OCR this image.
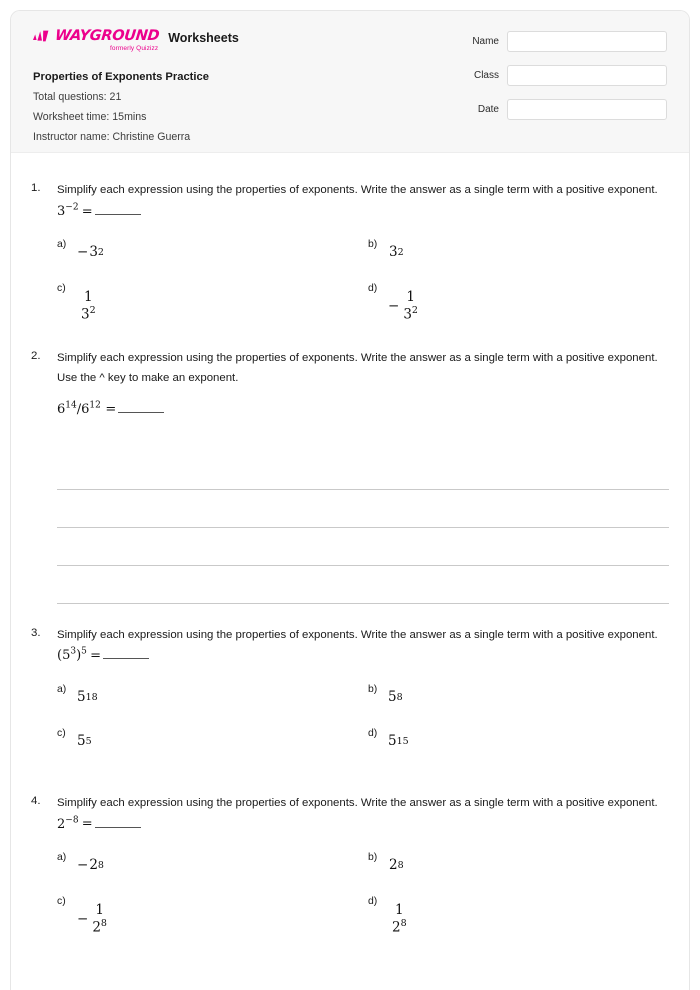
WAYGROUND
formerly Quizizz
Worksheets
Properties of Exponents Practice
Total questions: 21
Worksheet time: 15mins
Instructor name: Christine Guerra
Name
Class
Date
1.	Simplify each expression using the properties of exponents. Write the answer as a single term with a positive exponent. $3^{-2}$ =
a) − 3 2
b) 3 2
c)
1
$3^2$
d)
−
1
$3^2$
2.	Simplify each expression using the properties of exponents. Write the answer as a single term with a positive exponent. Use the ^ key to make an exponent.
$6^{14}/6^{12}$ =
3.	Simplify each expression using the properties of exponents. Write the answer as a single term with a positive exponent. $(5^3)^5$ =
a) 5 18
b) 5 8
c) 5 5
d) 5 15
4.	Simplify each expression using the properties of exponents. Write the answer as a single term with a positive exponent. $2^{-8}$ =
a) − 2 8
b) 2 8
c)
−
1
$2^8$
d)
1
$2^8$
